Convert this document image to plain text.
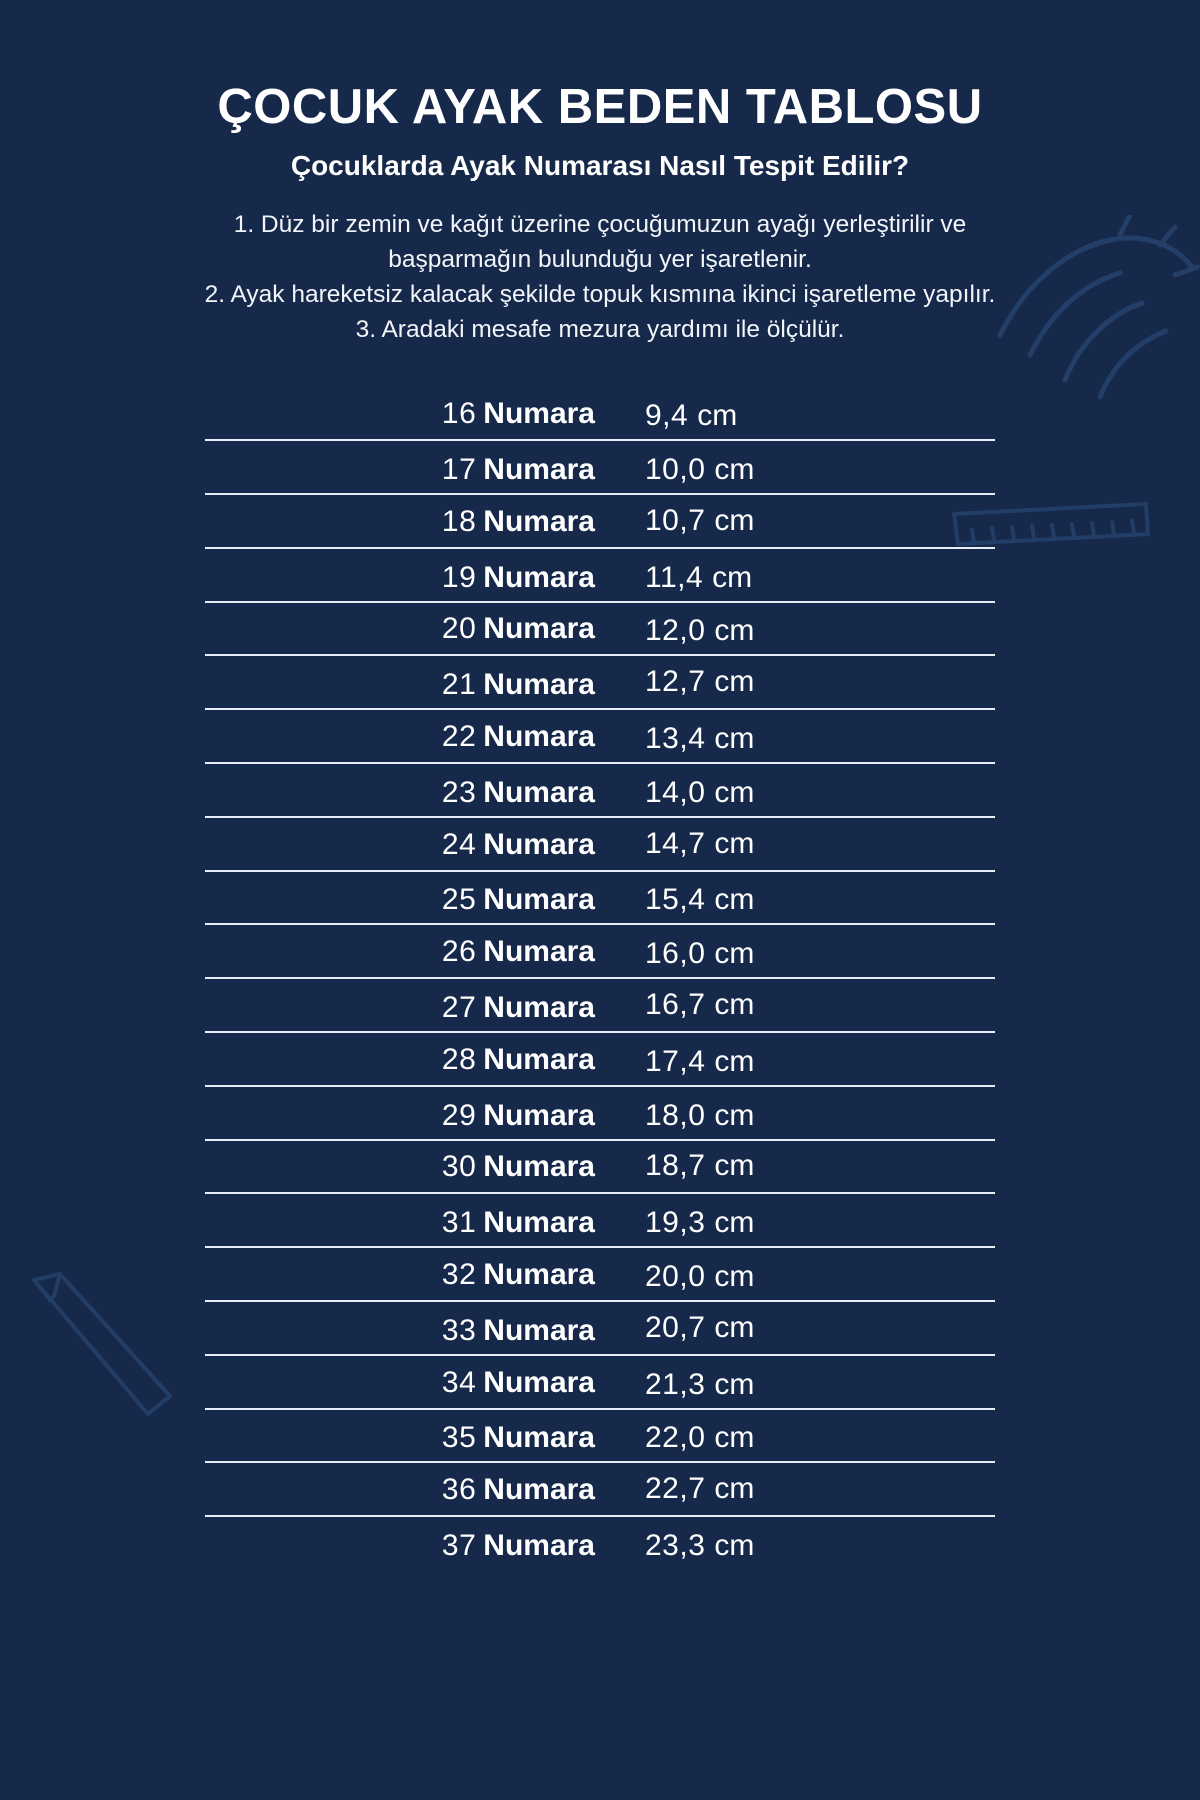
ÇOCUK AYAK BEDEN TABLOSU
Çocuklarda Ayak Numarası Nasıl Tespit Edilir?
1. Düz bir zemin ve kağıt üzerine çocuğumuzun ayağı yerleştirilir ve
başparmağın bulunduğu yer işaretlenir.
2. Ayak hareketsiz kalacak şekilde topuk kısmına ikinci işaretleme yapılır.
3. Aradaki mesafe mezura yardımı ile ölçülür.
16 Numara 9,4 cm
17 Numara 10,0 cm
18 Numara 10,7 cm
19 Numara 11,4 cm
20 Numara 12,0 cm
21 Numara 12,7 cm
22 Numara 13,4 cm
23 Numara 14,0 cm
24 Numara 14,7 cm
25 Numara 15,4 cm
26 Numara 16,0 cm
27 Numara 16,7 cm
28 Numara 17,4 cm
29 Numara 18,0 cm
30 Numara 18,7 cm
31 Numara 19,3 cm
32 Numara 20,0 cm
33 Numara 20,7 cm
34 Numara 21,3 cm
35 Numara 22,0 cm
36 Numara 22,7 cm
37 Numara 23,3 cm
